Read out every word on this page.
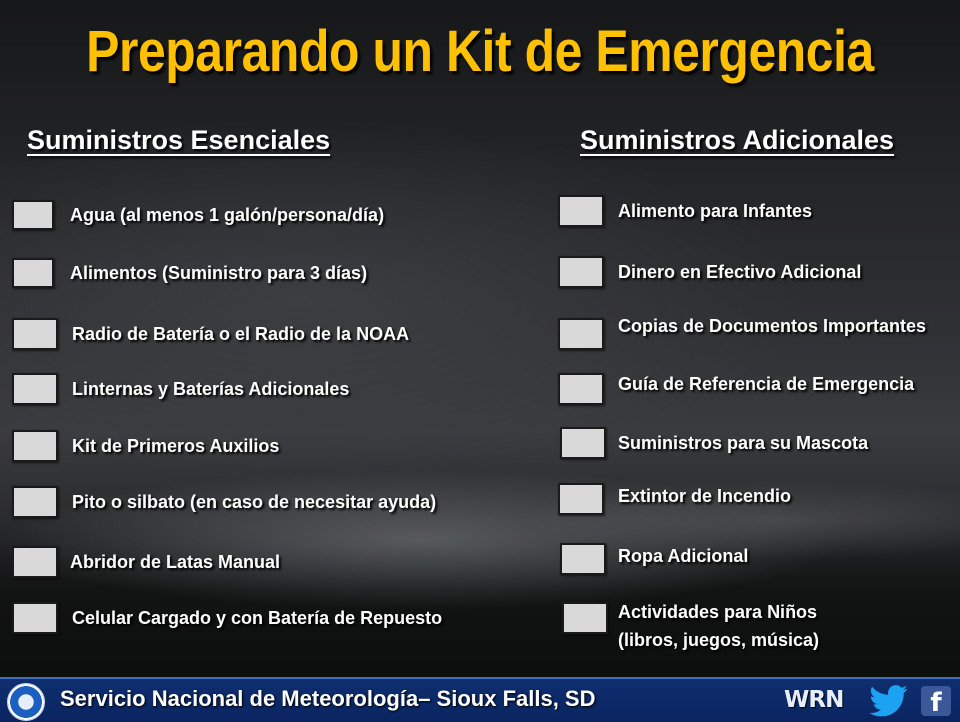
Preparando un Kit de Emergencia
Suministros Esenciales	Suministros Adicionales
Agua (al menos 1 galón/persona/día)
Alimentos (Suministro para 3 días)
Radio de Batería o el Radio de la NOAA
Linternas y Baterías Adicionales
Kit de Primeros Auxilios
Pito o silbato (en caso de necesitar ayuda)
Abridor de Latas Manual
Celular Cargado y con Batería de Repuesto
Alimento para Infantes
Dinero en Efectivo Adicional
Copias de Documentos Importantes
Guía de Referencia de Emergencia
Suministros para su Mascota
Extintor de Incendio
Ropa Adicional
Actividades para Niños
(libros, juegos, música)
Servicio Nacional de Meteorología– Sioux Falls, SD	WRN	f
